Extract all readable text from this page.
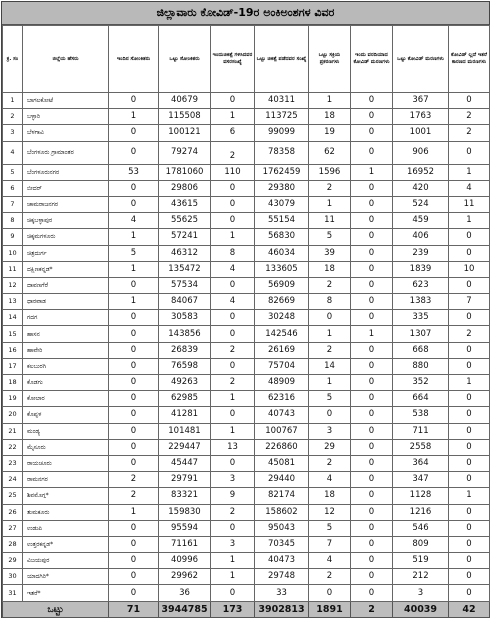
ಜಿಲ್ಲಾವಾರು ಕೋವಿಡ್-19ರ ಅಂಕಿಅಂಶಗಳ ವಿವರ
ಕ್ರ. ಸಂ	ಜಿಲ್ಲೆಯ ಹೆಸರು	ಇಂದಿನ ಸೋಂಕಿತರು	ಒಟ್ಟು ಸೋಂಕಿತರು	ಇಂದುಚಿಕಿತ್ಸೆ ಗಳಿಸಿದವರ ವಸರಸಂಖ್ಯೆ	ಒಟ್ಟು ಚಿಕಿತ್ಸೆ ಪಡೆದವರ ಸಂಖ್ಯೆ	ಒಟ್ಟು ಸಕ್ರಿಯ ಪ್ರಕರಣಗಳು	ಇಂದು ವರದಿಯಾದ ಕೋವಿಡ್ ಮರಣಗಳು	ಒಟ್ಟು ಕೋವಿಡ್ ಮರಣಗಳು	ಕೋವಿಡ್ ಲ್ಲದೆ ಇತರೆ ಕಾರಣದ ಮರಣಗಳು
1	ಬಾಗಲಕೋಟೆ	0	40679	0	40311	1	0	367	0
2	ಬಳ್ಳಾರಿ	1	115508	1	113725	18	0	1763	2
3	ಬೆಳಗಾವಿ	0	100121	6	99099	19	0	1001	2
4	ಬೆಂಗಳೂರು ಗ್ರಾಮಾಂತರ	0	79274	2	78358	62	0	906	0
5	ಬೆಂಗಳೂರುನಗರ	53	1781060	110	1762459	1596	1	16952	1
6	ಬೀದರ್	0	29806	0	29380	2	0	420	4
7	ಚಾಮರಾಜನಗರ	0	43615	0	43079	1	0	524	11
8	ಚಿಕ್ಕಬಳ್ಳಾಪುರ	4	55625	0	55154	11	0	459	1
9	ಚಿಕ್ಕಮಗಳೂರು	1	57241	1	56830	5	0	406	0
10	ಚಿತ್ರದುರ್ಗ	5	46312	8	46034	39	0	239	0
11	ದಕ್ಷಿಣಕನ್ನಡ*	1	135472	4	133605	18	0	1839	10
12	ದಾವಣಗೆರೆ	0	57534	0	56909	2	0	623	0
13	ಧಾರವಾಡ	1	84067	4	82669	8	0	1383	7
14	ಗದಗ	0	30583	0	30248	0	0	335	0
15	ಹಾಸನ	0	143856	0	142546	1	1	1307	2
16	ಹಾವೇರಿ	0	26839	2	26169	2	0	668	0
17	ಕಲಬುರಗಿ	0	76598	0	75704	14	0	880	0
18	ಕೊಡಗು	0	49263	2	48909	1	0	352	1
19	ಕೋಲಾರ	0	62985	1	62316	5	0	664	0
20	ಕೊಪ್ಪಳ	0	41281	0	40743	0	0	538	0
21	ಮಂಡ್ಯ	0	101481	1	100767	3	0	711	0
22	ಮೈಸೂರು	0	229447	13	226860	29	0	2558	0
23	ರಾಯಚೂರು	0	45447	0	45081	2	0	364	0
24	ರಾಮನಗರ	2	29791	3	29440	4	0	347	0
25	ಶಿವಮೊಗ್ಗ*	2	83321	9	82174	18	0	1128	1
26	ತುಮಕೂರು	1	159830	2	158602	12	0	1216	0
27	ಉಡುಪಿ	0	95594	0	95043	5	0	546	0
28	ಉತ್ತರಕನ್ನಡ*	0	71161	3	70345	7	0	809	0
29	ವಿಜಯಪುರ	0	40996	1	40473	4	0	519	0
30	ಯಾದಗಿರಿ*	0	29962	1	29748	2	0	212	0
31	ಇತರೆ*	0	36	0	33	0	0	3	0
ಒಟ್ಟು		71	3944785	173	3902813	1891	2	40039	42
